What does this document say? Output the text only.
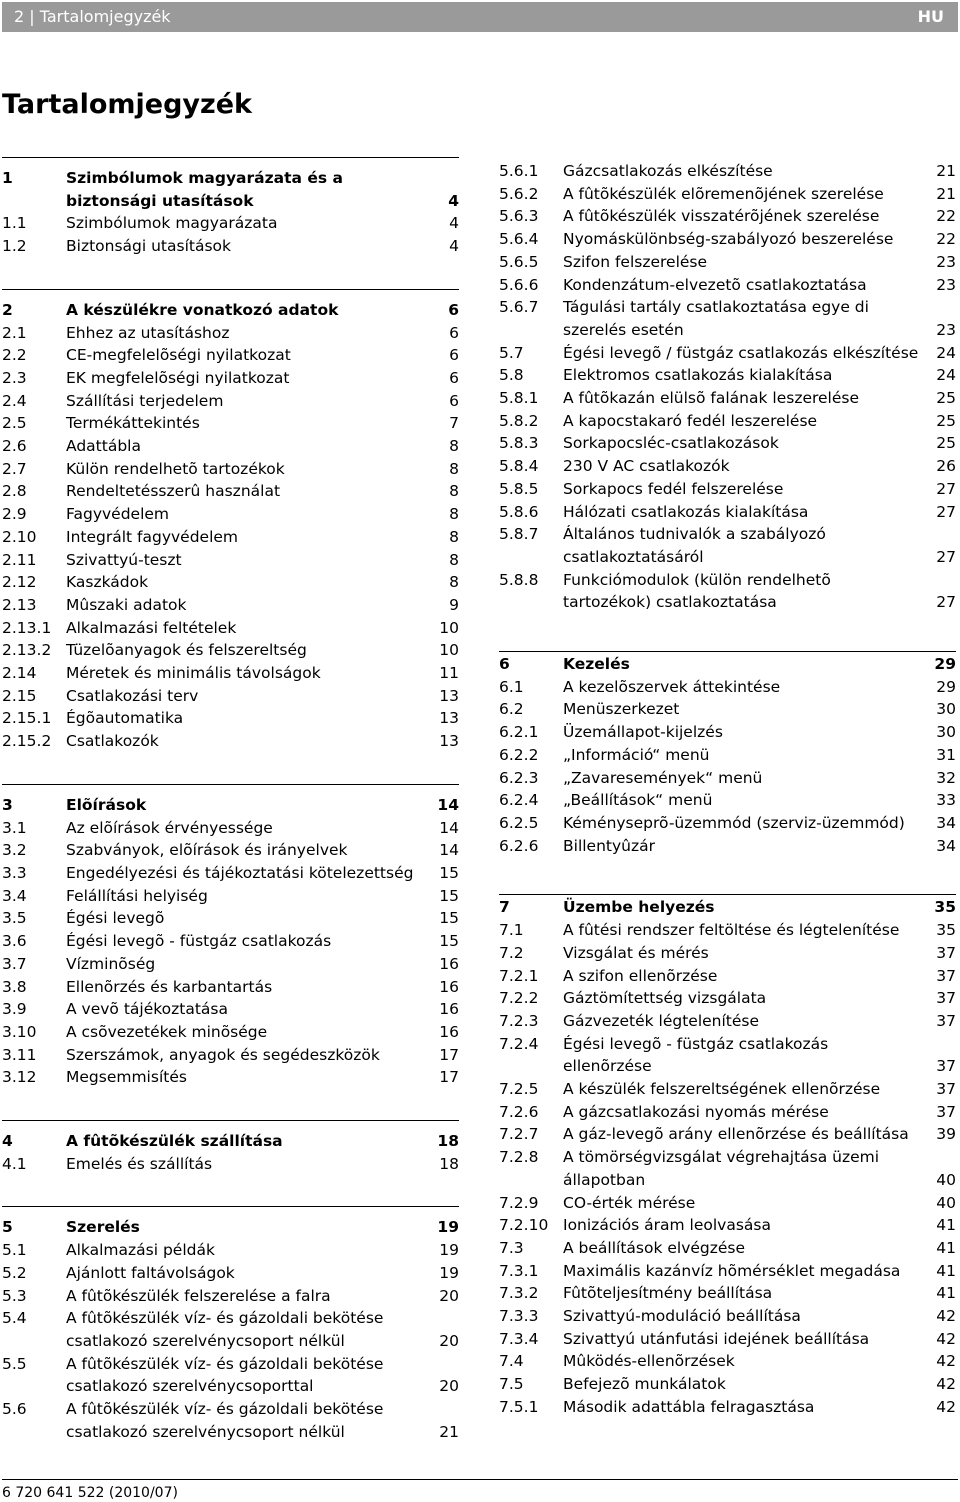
2 | Tartalomjegyzék	HU
Tartalomjegyzék
1	Szimbólumok magyarázata és a biztonsági utasítások	4
1.1	Szimbólumok magyarázata	4
1.2	Biztonsági utasítások	4
2	A készülékre vonatkozó adatok	6
2.1	Ehhez az utasításhoz	6
2.2	CE-megfelelõségi nyilatkozat	6
2.3	EK megfelelõségi nyilatkozat	6
2.4	Szállítási terjedelem	6
2.5	Termékáttekintés	7
2.6	Adattábla	8
2.7	Külön rendelhetõ tartozékok	8
2.8	Rendeltetésszerû használat	8
2.9	Fagyvédelem	8
2.10 Integrált fagyvédelem	8
2.11 Szivattyú-teszt	8
2.12 Kaszkádok	8
2.13 Mûszaki adatok	9
2.13.1 Alkalmazási feltételek	10
2.13.2 Tüzelõanyagok és felszereltség	10
2.14 Méretek és minimális távolságok	11
2.15 Csatlakozási terv	13
2.15.1 Égõautomatika	13
2.15.2 Csatlakozók	13
3	Elõírások	14
3.1	Az elõírások érvényessége	14
3.2	Szabványok, elõírások és irányelvek	14
3.3	Engedélyezési és tájékoztatási kötelezettség	15
3.4	Felállítási helyiség	15
3.5	Égési levegõ	15
3.6	Égési levegõ - füstgáz csatlakozás	15
3.7	Vízminõség	16
3.8	Ellenõrzés és karbantartás	16
3.9	A vevõ tájékoztatása	16
3.10 A csõvezetékek minõsége	16
3.11 Szerszámok, anyagok és segédeszközök	17
3.12 Megsemmisítés	17
4	A fûtõkészülék szállítása	18
4.1	Emelés és szállítás	18
5	Szerelés	19
5.1	Alkalmazási példák	19
5.2	Ajánlott faltávolságok	19
5.3	A fûtõkészülék felszerelése a falra	20
5.4	A fûtõkészülék víz- és gázoldali bekötése csatlakozó szerelvénycsoport nélkül	20
5.5	A fûtõkészülék víz- és gázoldali bekötése csatlakozó szerelvénycsoporttal	20
5.6	A fûtõkészülék víz- és gázoldali bekötése csatlakozó szerelvénycsoport nélkül	21
5.6.1 Gázcsatlakozás elkészítése	21
5.6.2 A fûtõkészülék elõremenõjének szerelése	21
5.6.3 A fûtõkészülék visszatérõjének szerelése	22
5.6.4 Nyomáskülönbség-szabályozó beszerelése	22
5.6.5 Szifon felszerelése	23
5.6.6 Kondenzátum-elvezetõ csatlakoztatása	23
5.6.7 Tágulási tartály csatlakoztatása egye di szerelés esetén	23
5.7	Égési levegõ / füstgáz csatlakozás elkészítése	24
5.8	Elektromos csatlakozás kialakítása	24
5.8.1 A fûtõkazán elülsõ falának leszerelése	25
5.8.2 A kapocstakaró fedél leszerelése	25
5.8.3 Sorkapocsléc-csatlakozások	25
5.8.4 230 V AC csatlakozók	26
5.8.5 Sorkapocs fedél felszerelése	27
5.8.6 Hálózati csatlakozás kialakítása	27
5.8.7 Általános tudnivalók a szabályozó csatlakoztatásáról	27
5.8.8 Funkciómodulok (külön rendelhetõ tartozékok) csatlakoztatása	27
6	Kezelés	29
6.1	A kezelõszervek áttekintése	29
6.2	Menüszerkezet	30
6.2.1 Üzemállapot-kijelzés	30
6.2.2 „Információ“ menü	31
6.2.3 „Zavaresemények“ menü	32
6.2.4 „Beállítások“ menü	33
6.2.5 Kéményseprõ-üzemmód (szerviz-üzemmód)	34
6.2.6 Billentyûzár	34
7	Üzembe helyezés	35
7.1	A fûtési rendszer feltöltése és légtelenítése	35
7.2	Vizsgálat és mérés	37
7.2.1 A szifon ellenõrzése	37
7.2.2 Gáztömítettség vizsgálata	37
7.2.3 Gázvezeték légtelenítése	37
7.2.4 Égési levegõ - füstgáz csatlakozás ellenõrzése	37
7.2.5 A készülék felszereltségének ellenõrzése	37
7.2.6 A gázcsatlakozási nyomás mérése	37
7.2.7 A gáz-levegõ arány ellenõrzése és beállítása	39
7.2.8 A tömörségvizsgálat végrehajtása üzemi állapotban	40
7.2.9 CO-érték mérése	40
7.2.10 Ionizációs áram leolvasása	41
7.3	A beállítások elvégzése	41
7.3.1 Maximális kazánvíz hõmérséklet megadása	41
7.3.2 Fûtõteljesítmény beállítása	41
7.3.3 Szivattyú-moduláció beállítása	42
7.3.4 Szivattyú utánfutási idejének beállítása	42
7.4	Mûködés-ellenõrzések	42
7.5	Befejezõ munkálatok	42
7.5.1 Második adattábla felragasztása	42
6 720 641 522 (2010/07)
